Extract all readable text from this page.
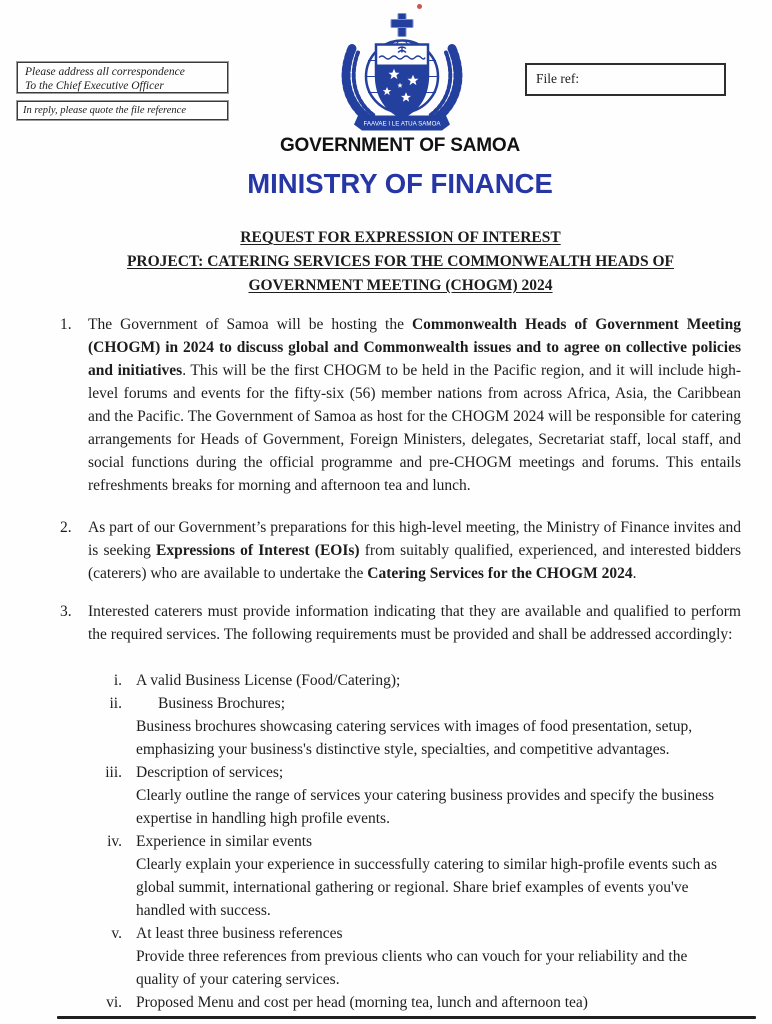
Please address all correspondence
To the Chief Executive Officer
In reply, please quote the file reference
File ref:
FAAVAE I LE ATUA SAMOA
GOVERNMENT OF SAMOA
MINISTRY OF FINANCE
REQUEST FOR EXPRESSION OF INTEREST
PROJECT: CATERING SERVICES FOR THE COMMONWEALTH HEADS OF
GOVERNMENT MEETING (CHOGM) 2024
1.	The Government of Samoa will be hosting the Commonwealth Heads of Government Meeting (CHOGM) in 2024 to discuss global and Commonwealth issues and to agree on collective policies and initiatives. This will be the first CHOGM to be held in the Pacific region, and it will include high-level forums and events for the fifty-six (56) member nations from across Africa, Asia, the Caribbean and the Pacific. The Government of Samoa as host for the CHOGM 2024 will be responsible for catering arrangements for Heads of Government, Foreign Ministers, delegates, Secretariat staff, local staff, and social functions during the official programme and pre-CHOGM meetings and forums. This entails refreshments breaks for morning and afternoon tea and lunch.
2.	As part of our Government’s preparations for this high-level meeting, the Ministry of Finance invites and is seeking Expressions of Interest (EOIs) from suitably qualified, experienced, and interested bidders (caterers) who are available to undertake the Catering Services for the CHOGM 2024.
3.	Interested caterers must provide information indicating that they are available and qualified to perform the required services. The following requirements must be provided and shall be addressed accordingly:
i. A valid Business License (Food/Catering);
ii.	Business Brochures;
Business brochures showcasing catering services with images of food presentation, setup, emphasizing your business's distinctive style, specialties, and competitive advantages.
iii. Description of services;
Clearly outline the range of services your catering business provides and specify the business expertise in handling high profile events.
iv. Experience in similar events
Clearly explain your experience in successfully catering to similar high-profile events such as global summit, international gathering or regional. Share brief examples of events you've handled with success.
v. At least three business references
Provide three references from previous clients who can vouch for your reliability and the quality of your catering services.
vi. Proposed Menu and cost per head (morning tea, lunch and afternoon tea)
